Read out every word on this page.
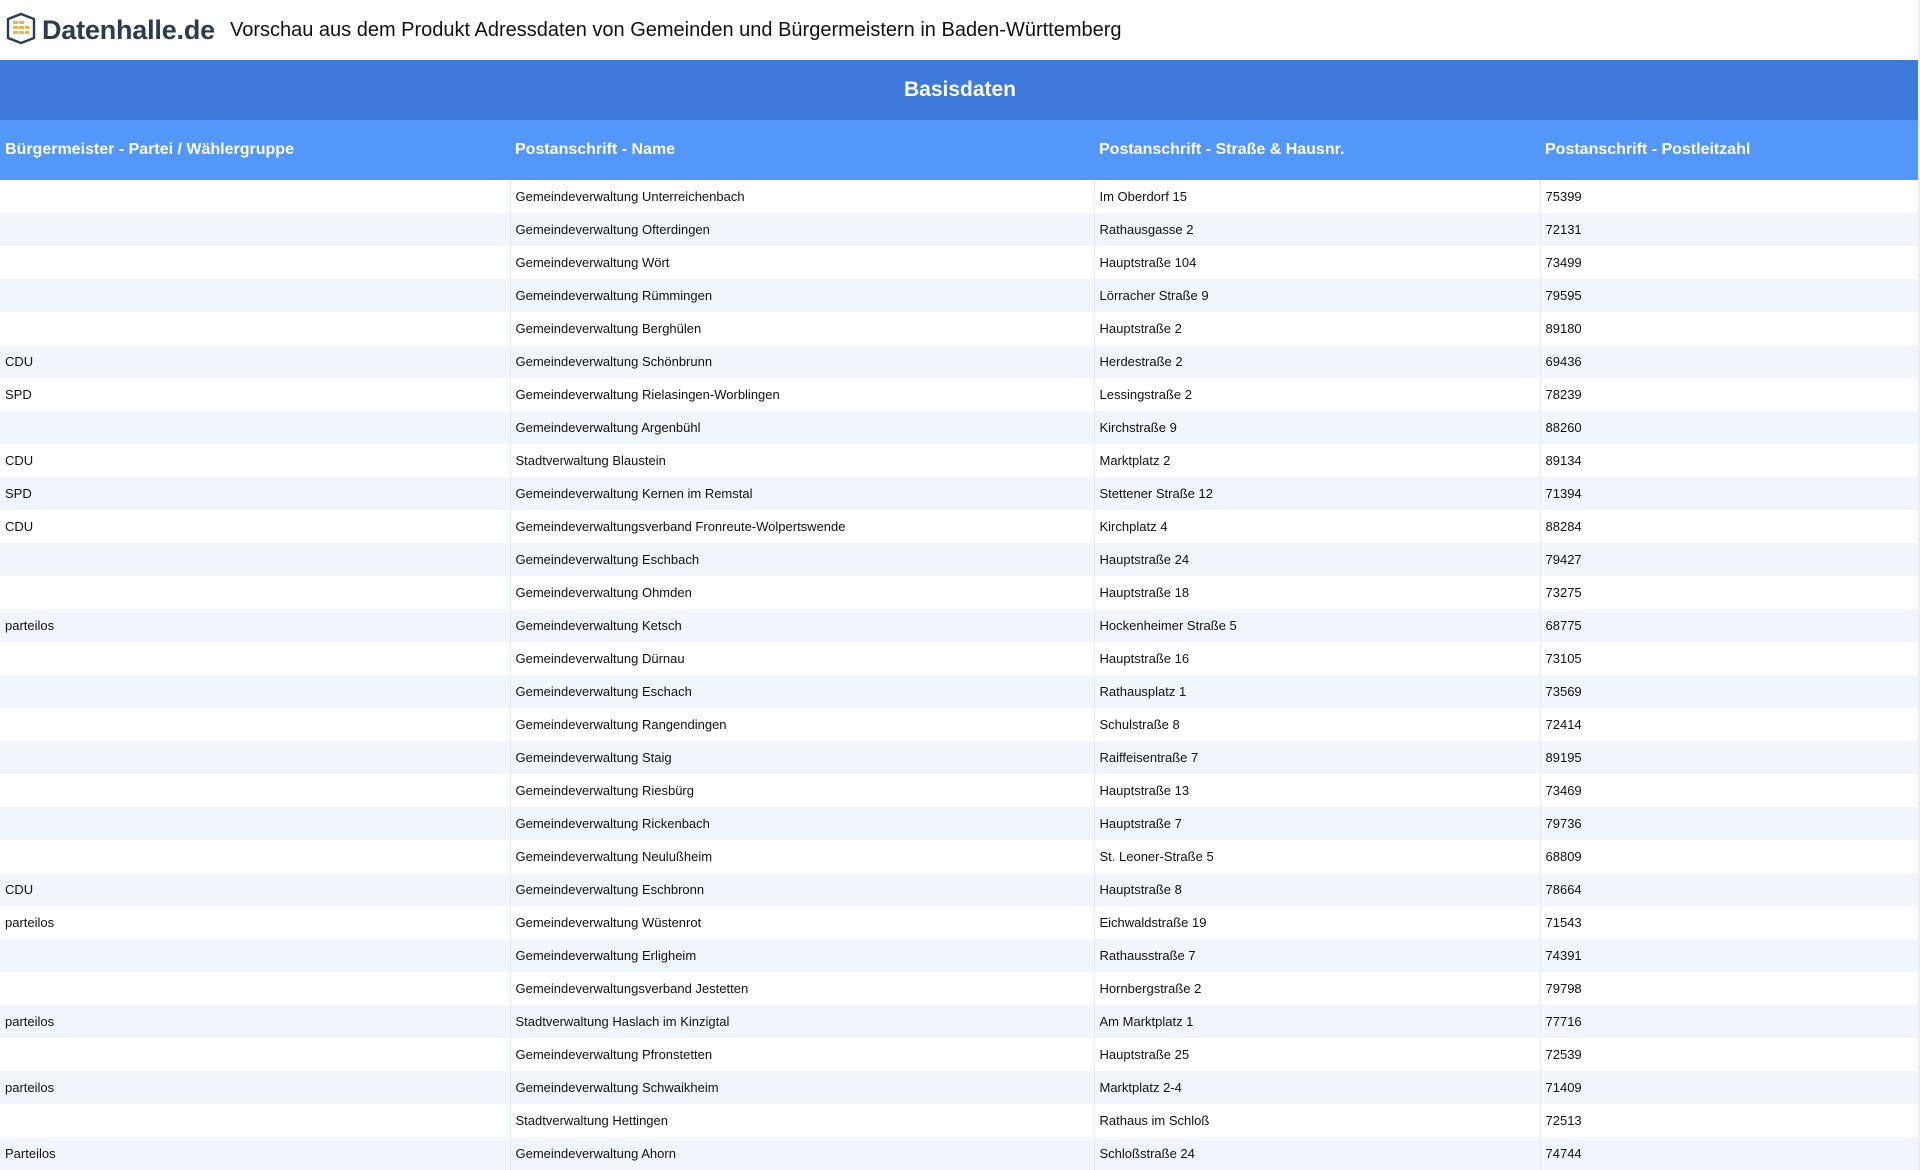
Datenhalle.de Vorschau aus dem Produkt Adressdaten von Gemeinden und Bürgermeistern in Baden-Württemberg
Basisdaten
Bürgermeister - Partei / Wählergruppe	Postanschrift - Name	Postanschrift - Straße & Hausnr.	Postanschrift - Postleitzahl
	Gemeindeverwaltung Unterreichenbach	Im Oberdorf 15	75399
	Gemeindeverwaltung Ofterdingen	Rathausgasse 2	72131
	Gemeindeverwaltung Wört	Hauptstraße 104	73499
	Gemeindeverwaltung Rümmingen	Lörracher Straße 9	79595
	Gemeindeverwaltung Berghülen	Hauptstraße 2	89180
CDU	Gemeindeverwaltung Schönbrunn	Herdestraße 2	69436
SPD	Gemeindeverwaltung Rielasingen-Worblingen	Lessingstraße 2	78239
	Gemeindeverwaltung Argenbühl	Kirchstraße 9	88260
CDU	Stadtverwaltung Blaustein	Marktplatz 2	89134
SPD	Gemeindeverwaltung Kernen im Remstal	Stettener Straße 12	71394
CDU	Gemeindeverwaltungsverband Fronreute-Wolpertswende	Kirchplatz 4	88284
	Gemeindeverwaltung Eschbach	Hauptstraße 24	79427
	Gemeindeverwaltung Ohmden	Hauptstraße 18	73275
parteilos	Gemeindeverwaltung Ketsch	Hockenheimer Straße 5	68775
	Gemeindeverwaltung Dürnau	Hauptstraße 16	73105
	Gemeindeverwaltung Eschach	Rathausplatz 1	73569
	Gemeindeverwaltung Rangendingen	Schulstraße 8	72414
	Gemeindeverwaltung Staig	Raiffeisentraße 7	89195
	Gemeindeverwaltung Riesbürg	Hauptstraße 13	73469
	Gemeindeverwaltung Rickenbach	Hauptstraße 7	79736
	Gemeindeverwaltung Neulußheim	St. Leoner-Straße 5	68809
CDU	Gemeindeverwaltung Eschbronn	Hauptstraße 8	78664
parteilos	Gemeindeverwaltung Wüstenrot	Eichwaldstraße 19	71543
	Gemeindeverwaltung Erligheim	Rathausstraße 7	74391
	Gemeindeverwaltungsverband Jestetten	Hornbergstraße 2	79798
parteilos	Stadtverwaltung Haslach im Kinzigtal	Am Marktplatz 1	77716
	Gemeindeverwaltung Pfronstetten	Hauptstraße 25	72539
parteilos	Gemeindeverwaltung Schwaikheim	Marktplatz 2-4	71409
	Stadtverwaltung Hettingen	Rathaus im Schloß	72513
Parteilos	Gemeindeverwaltung Ahorn	Schloßstraße 24	74744
